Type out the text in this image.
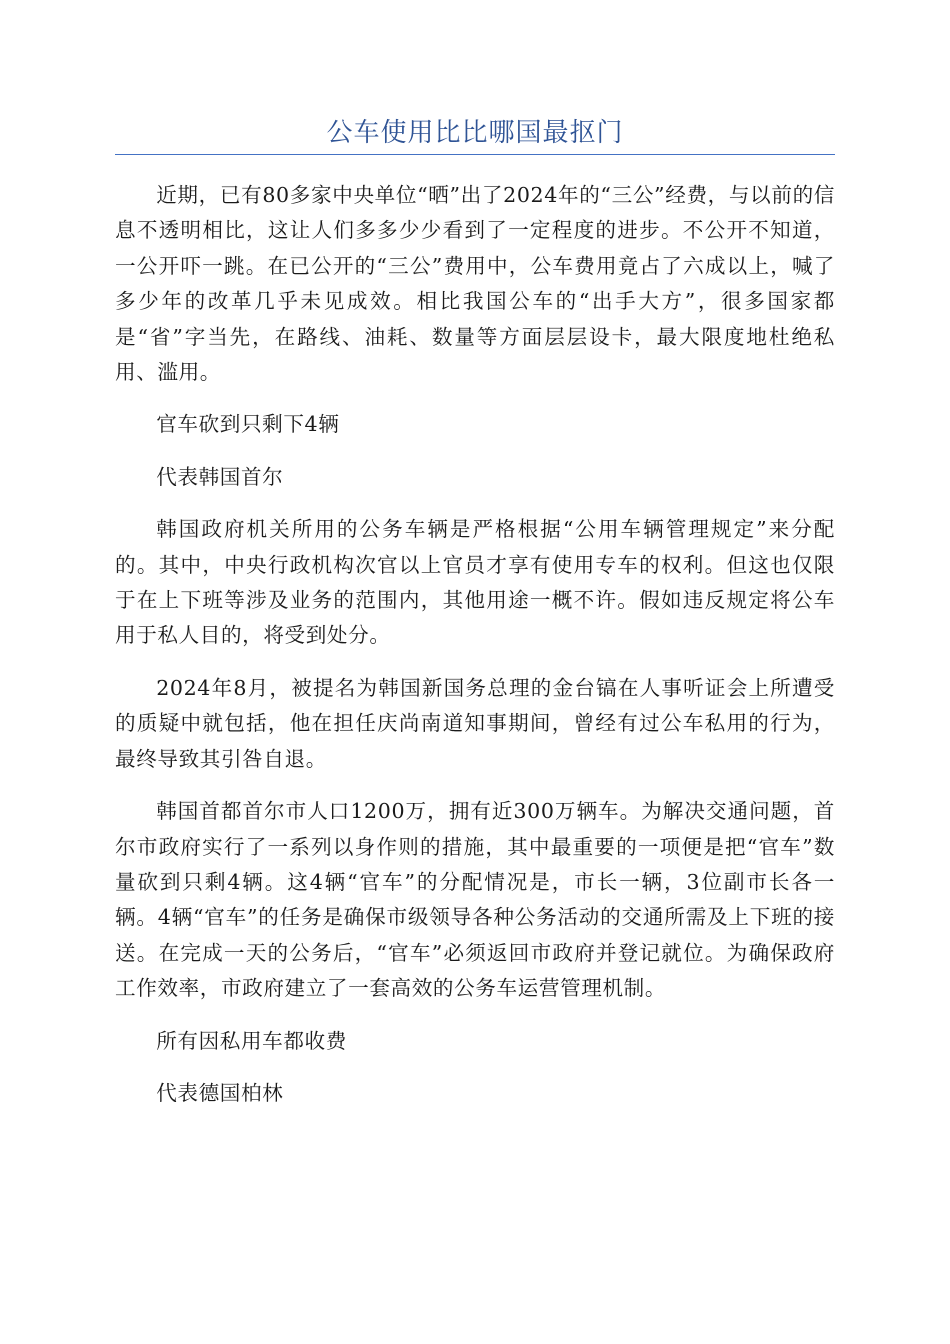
公车使用比比哪国最抠门

近期，已有80多家中央单位“晒”出了2024年的“三公”经费，与以前的信息不透明相比，这让人们多多少少看到了一定程度的进步。不公开不知道，一公开吓一跳。在已公开的“三公”费用中，公车费用竟占了六成以上，喊了多少年的改革几乎未见成效。相比我国公车的“出手大方”，很多国家都是“省”字当先，在路线、油耗、数量等方面层层设卡，最大限度地杜绝私用、滥用。

官车砍到只剩下4辆

代表韩国首尔

韩国政府机关所用的公务车辆是严格根据“公用车辆管理规定”来分配的。其中，中央行政机构次官以上官员才享有使用专车的权利。但这也仅限于在上下班等涉及业务的范围内，其他用途一概不许。假如违反规定将公车用于私人目的，将受到处分。

2024年8月，被提名为韩国新国务总理的金台镐在人事听证会上所遭受的质疑中就包括，他在担任庆尚南道知事期间，曾经有过公车私用的行为，最终导致其引咎自退。

韩国首都首尔市人口1200万，拥有近300万辆车。为解决交通问题，首尔市政府实行了一系列以身作则的措施，其中最重要的一项便是把“官车”数量砍到只剩4辆。这4辆“官车”的分配情况是，市长一辆，3位副市长各一辆。4辆“官车”的任务是确保市级领导各种公务活动的交通所需及上下班的接送。在完成一天的公务后，“官车”必须返回市政府并登记就位。为确保政府工作效率，市政府建立了一套高效的公务车运营管理机制。

所有因私用车都收费

代表德国柏林
